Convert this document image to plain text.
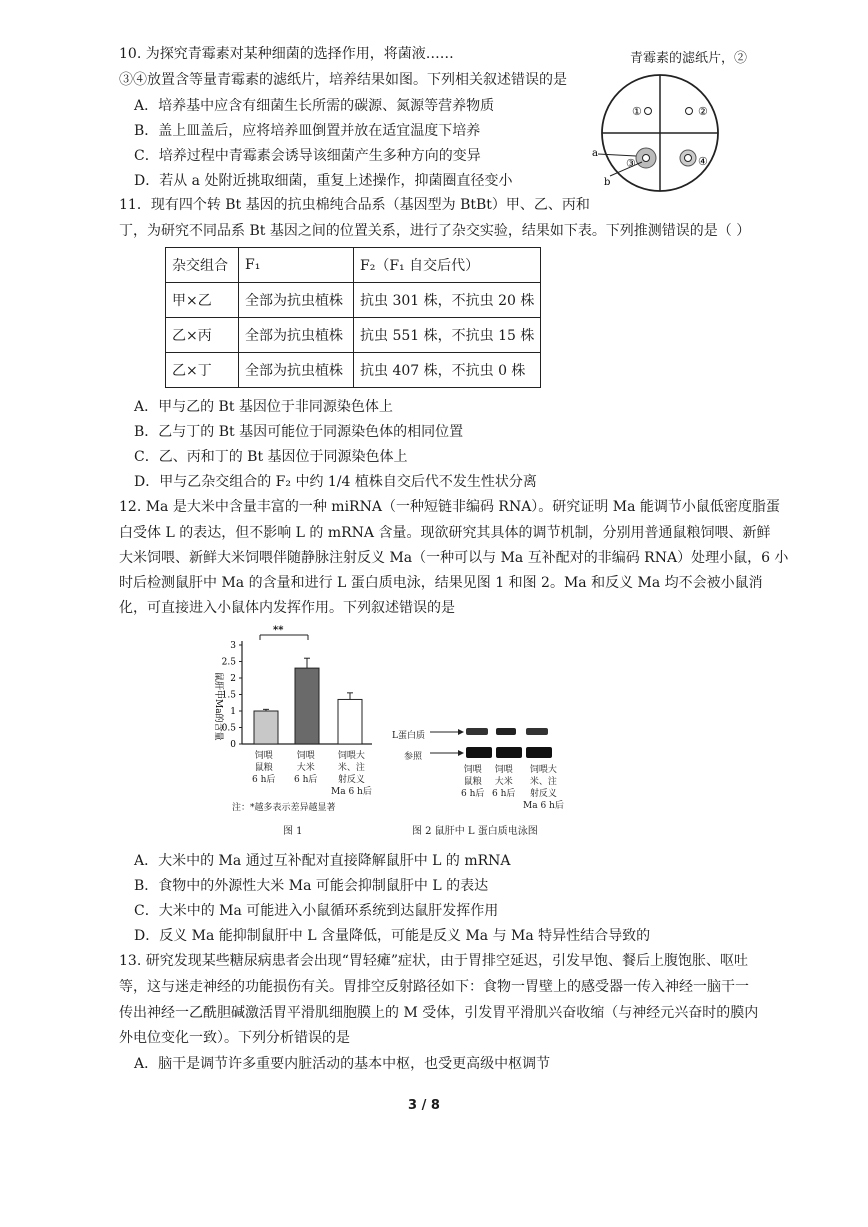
10. 为探究青霉素对某种细菌的选择作用，将菌液……	青霉素的滤纸片，②
③④放置含等量青霉素的滤纸片，培养结果如图。下列相关叙述错误的是
A．培养基中应含有细菌生长所需的碳源、氮源等营养物质
B．盖上皿盖后，应将培养皿倒置并放在适宜温度下培养
C．培养过程中青霉素会诱导该细菌产生多种方向的变异
D．若从 a 处附近挑取细菌，重复上述操作，抑菌圈直径变小
①	②
③	④
a
b
11．现有四个转 Bt 基因的抗虫棉纯合品系（基因型为 BtBt）甲、乙、丙和
丁，为研究不同品系 Bt 基因之间的位置关系，进行了杂交实验，结果如下表。下列推测错误的是（ ）
杂交组合	F₁	F₂（F₁ 自交后代）
甲×乙	全部为抗虫植株	抗虫 301 株，不抗虫 20 株
乙×丙	全部为抗虫植株	抗虫 551 株，不抗虫 15 株
乙×丁	全部为抗虫植株	抗虫 407 株，不抗虫 0 株
A．甲与乙的 Bt 基因位于非同源染色体上
B．乙与丁的 Bt 基因可能位于同源染色体的相同位置
C．乙、丙和丁的 Bt 基因位于同源染色体上
D．甲与乙杂交组合的 F₂ 中约 1/4 植株自交后代不发生性状分离
12. Ma 是大米中含量丰富的一种 miRNA（一种短链非编码 RNA）。研究证明 Ma 能调节小鼠低密度脂蛋
白受体 L 的表达，但不影响 L 的 mRNA 含量。现欲研究其具体的调节机制，分别用普通鼠粮饲喂、新鲜
大米饲喂、新鲜大米饲喂伴随静脉注射反义 Ma（一种可以与 Ma 互补配对的非编码 RNA）处理小鼠，6 小
时后检测鼠肝中 Ma 的含量和进行 L 蛋白质电泳，结果见图 1 和图 2。Ma 和反义 Ma 均不会被小鼠消
化，可直接进入小鼠体内发挥作用。下列叙述错误的是
鼠肝中Ma的含量
0
0.5
1
1.5
2
2.5
3
**
饲喂
鼠粮
6 h后
饲喂
大米
6 h后
饲喂大
米、注
射反义
Ma 6 h后
注：*越多表示差异越显著
图 1
L蛋白质
参照
饲喂
鼠粮
6 h后
饲喂
大米
6 h后
饲喂大
米、注
射反义
Ma 6 h后
图 2 鼠肝中 L 蛋白质电泳图
A．大米中的 Ma 通过互补配对直接降解鼠肝中 L 的 mRNA
B．食物中的外源性大米 Ma 可能会抑制鼠肝中 L 的表达
C．大米中的 Ma 可能进入小鼠循环系统到达鼠肝发挥作用
D．反义 Ma 能抑制鼠肝中 L 含量降低，可能是反义 Ma 与 Ma 特异性结合导致的
13. 研究发现某些糖尿病患者会出现“胃轻瘫”症状，由于胃排空延迟，引发早饱、餐后上腹饱胀、呕吐
等，这与迷走神经的功能损伤有关。胃排空反射路径如下：食物一胃壁上的感受器一传入神经一脑干一
传出神经一乙酰胆碱激活胃平滑肌细胞膜上的 M 受体，引发胃平滑肌兴奋收缩（与神经元兴奋时的膜内
外电位变化一致）。下列分析错误的是
A．脑干是调节许多重要内脏活动的基本中枢，也受更高级中枢调节
3 / 8
